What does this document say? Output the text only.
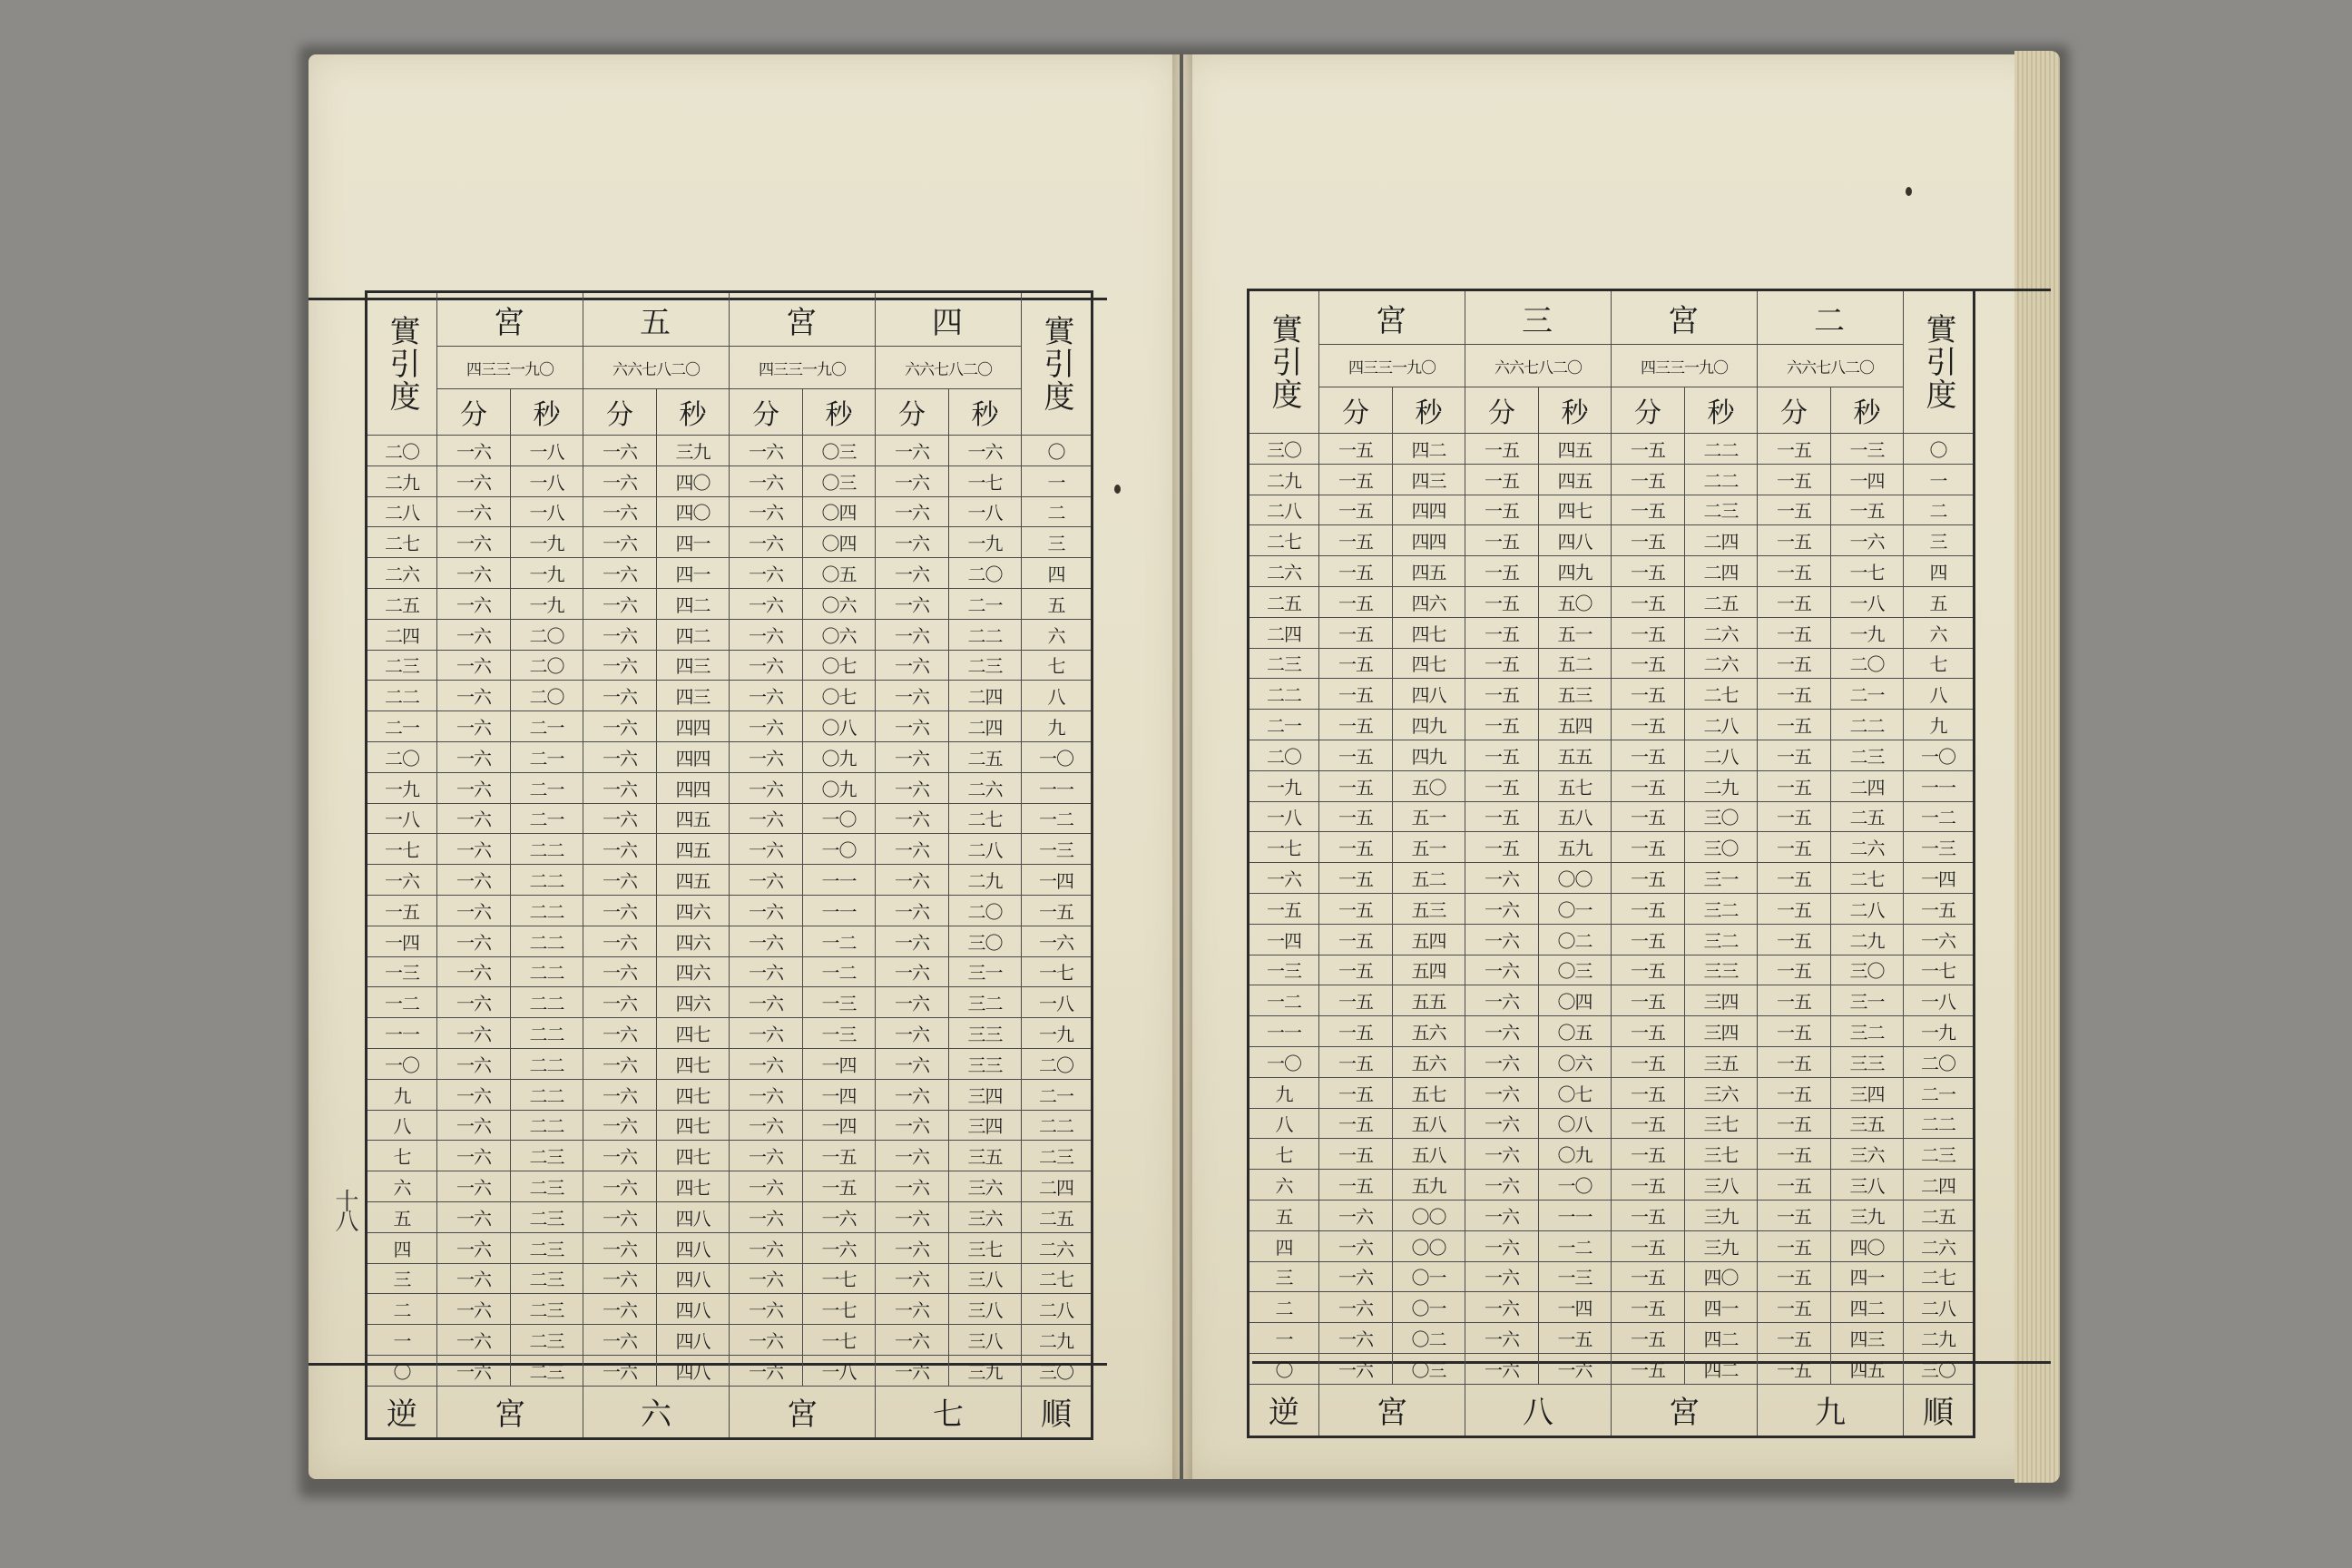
十八
實引度	宮		五		宮		四		實引度
	四三三一九〇		六六七八二〇		四三三一九〇		六六七八二〇		
	分	秒	分	秒	分	秒	分	秒	
二〇	一六	一八	一六	三九	一六	〇三	一六	一六	〇
二九	一六	一八	一六	四〇	一六	〇三	一六	一七	一
二八	一六	一八	一六	四〇	一六	〇四	一六	一八	二
二七	一六	一九	一六	四一	一六	〇四	一六	一九	三
二六	一六	一九	一六	四一	一六	〇五	一六	二〇	四
二五	一六	一九	一六	四二	一六	〇六	一六	二一	五
二四	一六	二〇	一六	四二	一六	〇六	一六	二二	六
二三	一六	二〇	一六	四三	一六	〇七	一六	二三	七
二二	一六	二〇	一六	四三	一六	〇七	一六	二四	八
二一	一六	二一	一六	四四	一六	〇八	一六	二四	九
二〇	一六	二一	一六	四四	一六	〇九	一六	二五	一〇
一九	一六	二一	一六	四四	一六	〇九	一六	二六	一一
一八	一六	二一	一六	四五	一六	一〇	一六	二七	一二
一七	一六	二二	一六	四五	一六	一〇	一六	二八	一三
一六	一六	二二	一六	四五	一六	一一	一六	二九	一四
一五	一六	二二	一六	四六	一六	一一	一六	二〇	一五
一四	一六	二二	一六	四六	一六	一二	一六	三〇	一六
一三	一六	二二	一六	四六	一六	一二	一六	三一	一七
一二	一六	二二	一六	四六	一六	一三	一六	三二	一八
一一	一六	二二	一六	四七	一六	一三	一六	三三	一九
一〇	一六	二二	一六	四七	一六	一四	一六	三三	二〇
九	一六	二二	一六	四七	一六	一四	一六	三四	二一
八	一六	二二	一六	四七	一六	一四	一六	三四	二二
七	一六	二三	一六	四七	一六	一五	一六	三五	二三
六	一六	二三	一六	四七	一六	一五	一六	三六	二四
五	一六	二三	一六	四八	一六	一六	一六	三六	二五
四	一六	二三	一六	四八	一六	一六	一六	三七	二六
三	一六	二三	一六	四八	一六	一七	一六	三八	二七
二	一六	二三	一六	四八	一六	一七	一六	三八	二八
一	一六	二三	一六	四八	一六	一七	一六	三八	二九
〇	一六	二三	一六	四八	一六	一八	一六	三九	三〇
逆	宮		六		宮		七		順
實引度	宮		三		宮		二		實引度
	四三三一九〇		六六七八二〇		四三三一九〇		六六七八二〇		
	分	秒	分	秒	分	秒	分	秒	
三〇	一五	四二	一五	四五	一五	二二	一五	一三	〇
二九	一五	四三	一五	四五	一五	二二	一五	一四	一
二八	一五	四四	一五	四七	一五	二三	一五	一五	二
二七	一五	四四	一五	四八	一五	二四	一五	一六	三
二六	一五	四五	一五	四九	一五	二四	一五	一七	四
二五	一五	四六	一五	五〇	一五	二五	一五	一八	五
二四	一五	四七	一五	五一	一五	二六	一五	一九	六
二三	一五	四七	一五	五二	一五	二六	一五	二〇	七
二二	一五	四八	一五	五三	一五	二七	一五	二一	八
二一	一五	四九	一五	五四	一五	二八	一五	二二	九
二〇	一五	四九	一五	五五	一五	二八	一五	二三	一〇
一九	一五	五〇	一五	五七	一五	二九	一五	二四	一一
一八	一五	五一	一五	五八	一五	三〇	一五	二五	一二
一七	一五	五一	一五	五九	一五	三〇	一五	二六	一三
一六	一五	五二	一六	〇〇	一五	三一	一五	二七	一四
一五	一五	五三	一六	〇一	一五	三二	一五	二八	一五
一四	一五	五四	一六	〇二	一五	三二	一五	二九	一六
一三	一五	五四	一六	〇三	一五	三三	一五	三〇	一七
一二	一五	五五	一六	〇四	一五	三四	一五	三一	一八
一一	一五	五六	一六	〇五	一五	三四	一五	三二	一九
一〇	一五	五六	一六	〇六	一五	三五	一五	三三	二〇
九	一五	五七	一六	〇七	一五	三六	一五	三四	二一
八	一五	五八	一六	〇八	一五	三七	一五	三五	二二
七	一五	五八	一六	〇九	一五	三七	一五	三六	二三
六	一五	五九	一六	一〇	一五	三八	一五	三八	二四
五	一六	〇〇	一六	一一	一五	三九	一五	三九	二五
四	一六	〇〇	一六	一二	一五	三九	一五	四〇	二六
三	一六	〇一	一六	一三	一五	四〇	一五	四一	二七
二	一六	〇一	一六	一四	一五	四一	一五	四二	二八
一	一六	〇二	一六	一五	一五	四二	一五	四三	二九
〇	一六	〇三	一六	一六	一五	四二	一五	四五	三〇
逆	宮		八		宮		九		順
